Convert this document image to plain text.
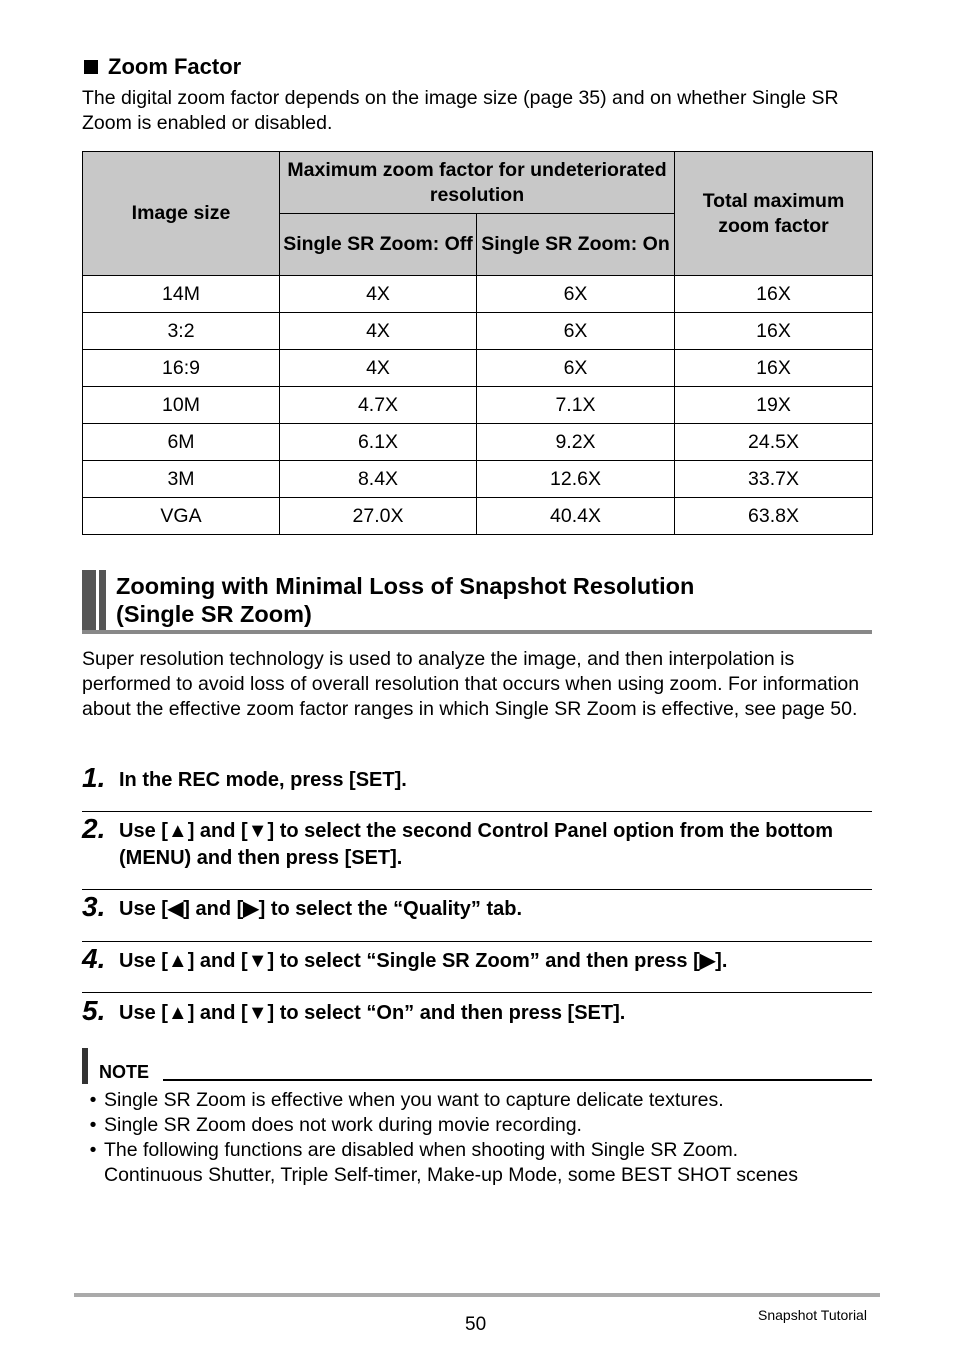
Zoom Factor
The digital zoom factor depends on the image size (page 35) and on whether Single SR Zoom is enabled or disabled.
Image size	Maximum zoom factor for undeteriorated resolution		Total maximum zoom factor
	Single SR Zoom: Off	Single SR Zoom: On	
14M	4X	6X	16X
3:2	4X	6X	16X
16:9	4X	6X	16X
10M	4.7X	7.1X	19X
6M	6.1X	9.2X	24.5X
3M	8.4X	12.6X	33.7X
VGA	27.0X	40.4X	63.8X
Zooming with Minimal Loss of Snapshot Resolution
(Single SR Zoom)
Super resolution technology is used to analyze the image, and then interpolation is performed to avoid loss of overall resolution that occurs when using zoom. For information about the effective zoom factor ranges in which Single SR Zoom is effective, see page 50.
1. In the REC mode, press [SET].
2. Use [▲] and [▼] to select the second Control Panel option from the bottom (MENU) and then press [SET].
3. Use [◀] and [▶] to select the “Quality” tab.
4. Use [▲] and [▼] to select “Single SR Zoom” and then press [▶].
5. Use [▲] and [▼] to select “On” and then press [SET].
NOTE
• Single SR Zoom is effective when you want to capture delicate textures.
• Single SR Zoom does not work during movie recording.
• The following functions are disabled when shooting with Single SR Zoom.
Continuous Shutter, Triple Self-timer, Make-up Mode, some BEST SHOT scenes
50	Snapshot Tutorial
